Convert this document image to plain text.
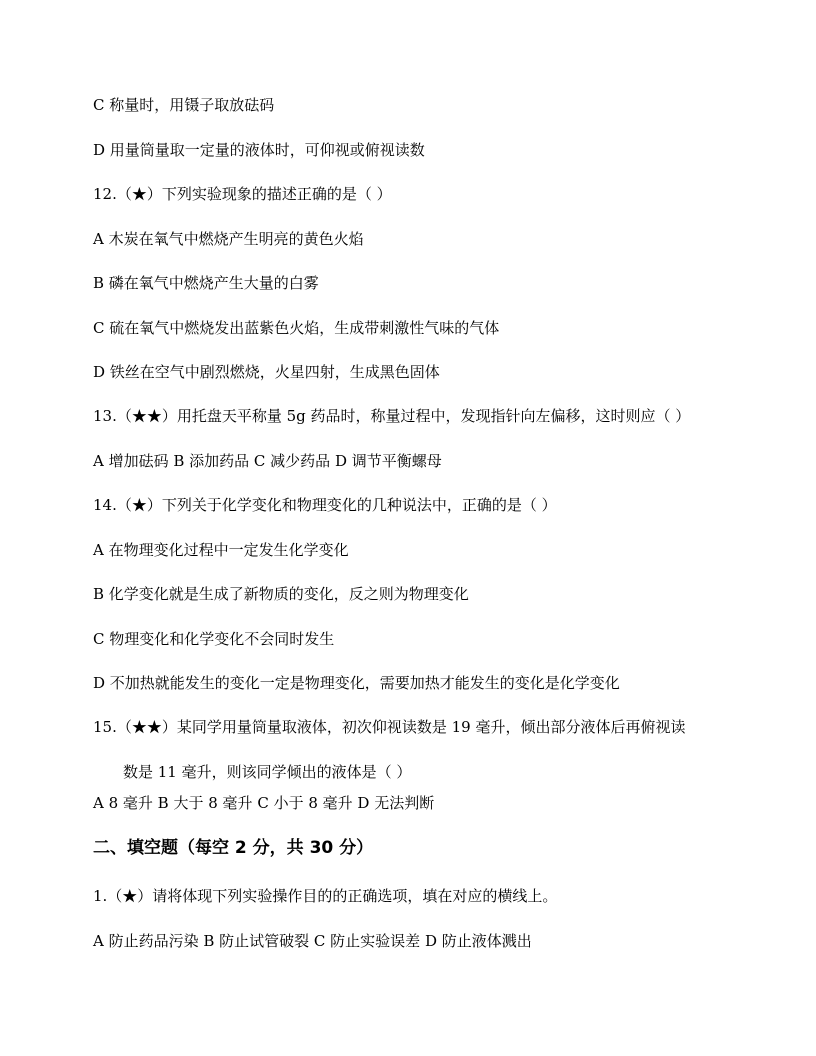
C 称量时，用镊子取放砝码
D 用量筒量取一定量的液体时，可仰视或俯视读数
12.（★）下列实验现象的描述正确的是（ ）
A 木炭在氧气中燃烧产生明亮的黄色火焰
B 磷在氧气中燃烧产生大量的白雾
C 硫在氧气中燃烧发出蓝紫色火焰，生成带刺激性气味的气体
D 铁丝在空气中剧烈燃烧，火星四射，生成黑色固体
13.（★★）用托盘天平称量 5g 药品时，称量过程中，发现指针向左偏移，这时则应（ ）
A 增加砝码 B 添加药品 C 减少药品 D 调节平衡螺母
14.（★）下列关于化学变化和物理变化的几种说法中，正确的是（ ）
A 在物理变化过程中一定发生化学变化
B 化学变化就是生成了新物质的变化，反之则为物理变化
C 物理变化和化学变化不会同时发生
D 不加热就能发生的变化一定是物理变化，需要加热才能发生的变化是化学变化
15.（★★）某同学用量筒量取液体，初次仰视读数是 19 毫升，倾出部分液体后再俯视读
数是 11 毫升，则该同学倾出的液体是（ ）
A 8 毫升 B 大于 8 毫升 C 小于 8 毫升 D 无法判断
二、填空题（每空 2 分，共 30 分）
1.（★）请将体现下列实验操作目的的正确选项，填在对应的横线上。
A 防止药品污染 B 防止试管破裂 C 防止实验误差 D 防止液体溅出
